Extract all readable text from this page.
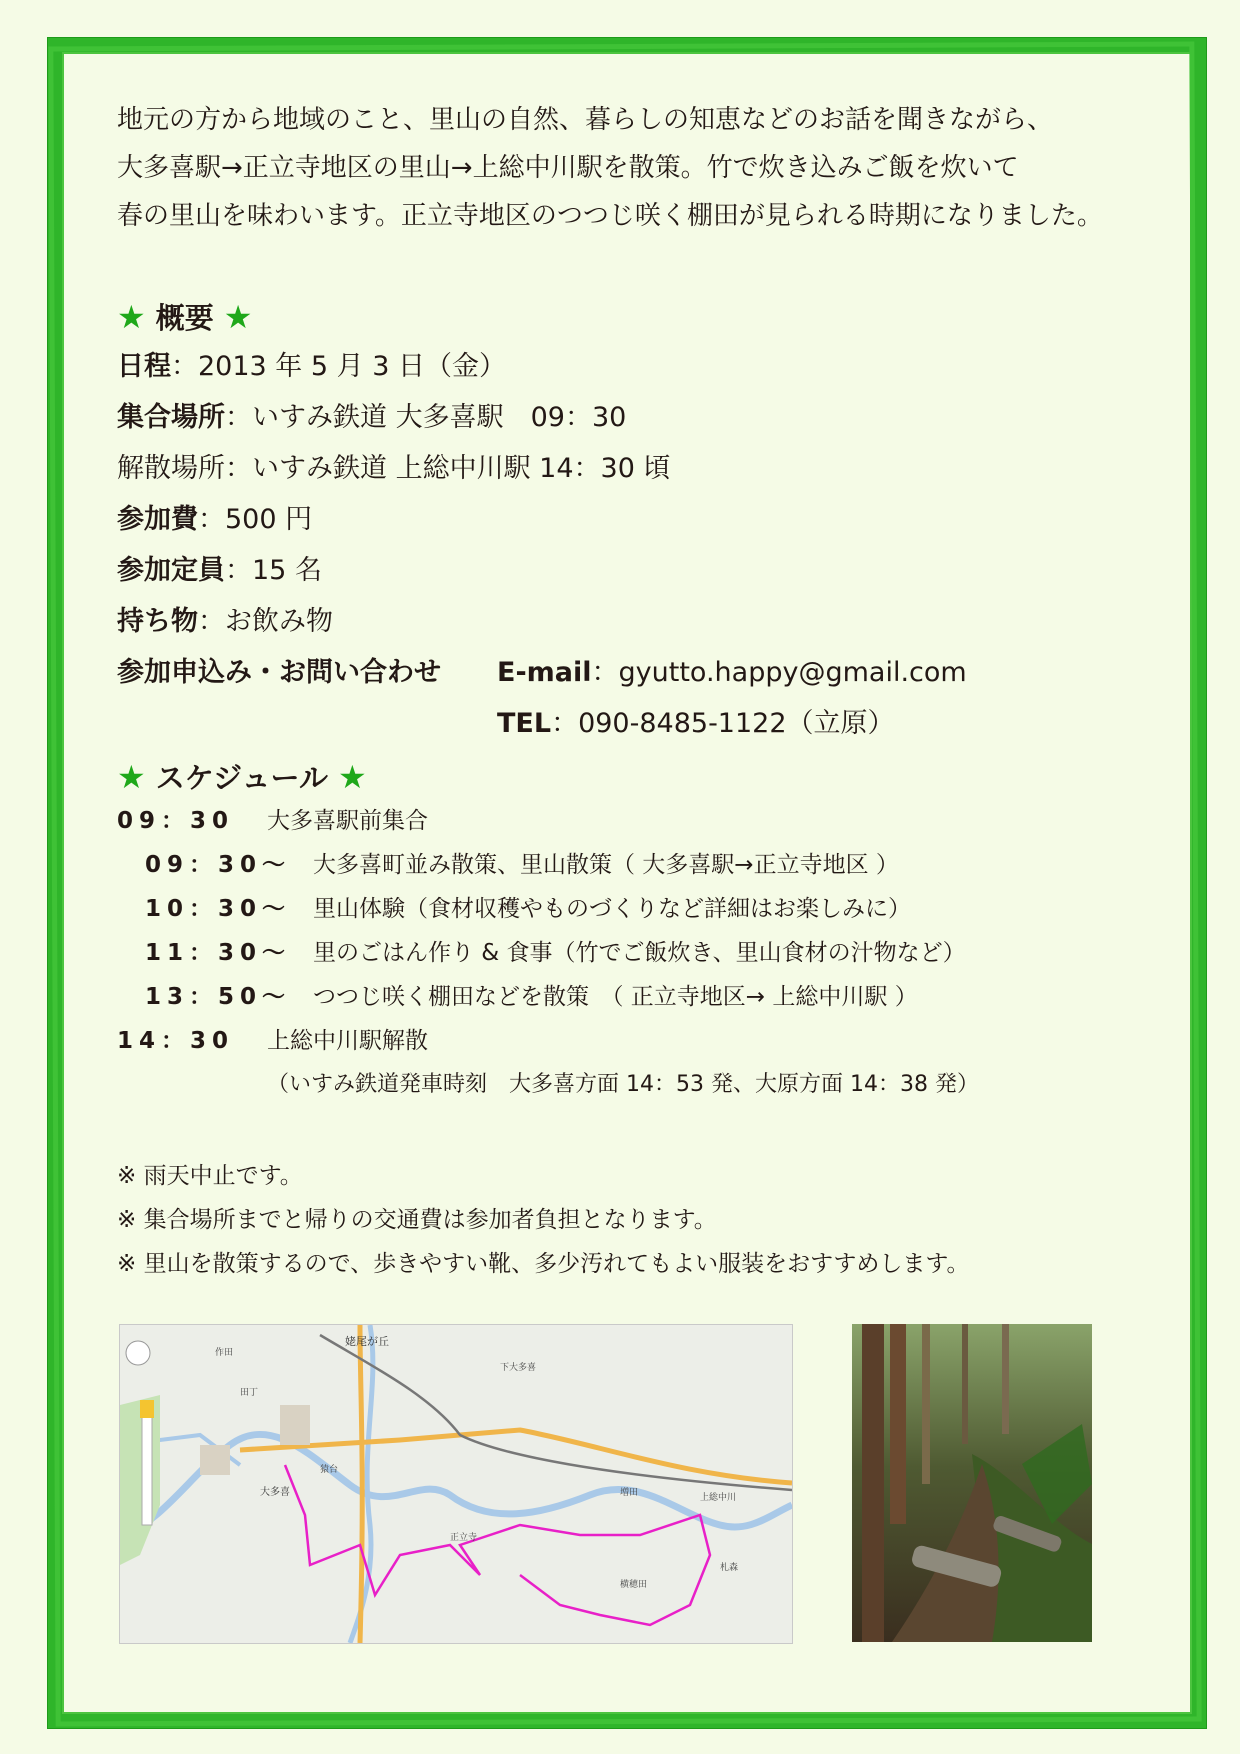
地元の方から地域のこと、里山の自然、暮らしの知恵などのお話を聞きながら、

大多喜駅→正立寺地区の里山→上総中川駅を散策。竹で炊き込みご飯を炊いて

春の里山を味わいます。正立寺地区のつつじ咲く棚田が見られる時期になりました。

★ 概要 ★
日程：2013 年 5 月 3 日（金）
集合場所：いすみ鉄道 大多喜駅　09：30
解散場所：いすみ鉄道 上総中川駅 14：30 頃
参加費：500 円
参加定員：15 名
持ち物：お飲み物
参加申込み・お問い合わせ E-mail：gyutto.happy@gmail.com
TEL：090-8485-1122（立原）
★ スケジュール ★
09：30 大多喜駅前集合
09：30～ 大多喜町並み散策、里山散策（ 大多喜駅→正立寺地区 ）
10：30～ 里山体験（食材収穫やものづくりなど詳細はお楽しみに）
11：30～ 里のごはん作り & 食事（竹でご飯炊き、里山食材の汁物など）
13：50～ つつじ咲く棚田などを散策　（ 正立寺地区→ 上総中川駅 ）
14：30 上総中川駅解散
（いすみ鉄道発車時刻　大多喜方面 14：53 発、大原方面 14：38 発）

※ 雨天中止です。

※ 集合場所までと帰りの交通費は参加者負担となります。

※ 里山を散策するので、歩きやすい靴、多少汚れてもよい服装をおすすめします。

作田
姥尾が丘
下大多喜
田丁
大多喜
正立寺
横穂田
札森
上総中川
増田
猿台
